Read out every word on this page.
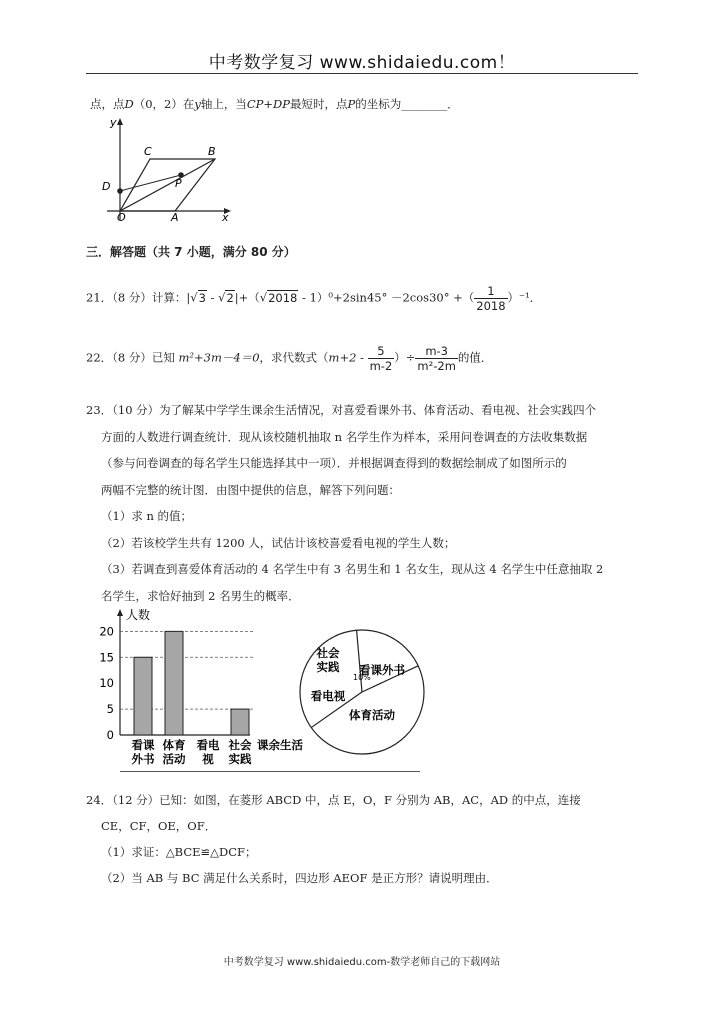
中考数学复习 www.shidaiedu.com！
点，点D（0，2）在y轴上，当CP+DP最短时，点P的坐标为________．
y
x
C	B
P
D
O	A
三．解答题（共 7 小题，满分 80 分）
21．（8 分）计算：|√3 - √2|+（√2018 - 1）⁰+2sin45° －2cos30° +（ $\frac{1}{2018} )^{-1}$．
22．（8 分）已知 m²+3m－4＝0，求代数式（$m+2 - \frac{5}{m-2}$ ）÷ $\frac{m-3}{\text{m²-2m}}$ 的值．
23．（10 分）为了解某中学学生课余生活情况，对喜爱看课外书、体育活动、看电视、社会实践四个
方面的人数进行调查统计．现从该校随机抽取 n 名学生作为样本，采用问卷调查的方法收集数据
（参与问卷调查的每名学生只能选择其中一项）．并根据调查得到的数据绘制成了如图所示的
两幅不完整的统计图．由图中提供的信息，解答下列问题：
（1）求 n 的值；
（2）若该校学生共有 1200 人，试估计该校喜爱看电视的学生人数；
（3）若调查到喜爱体育活动的 4 名学生中有 3 名男生和 1 名女生，现从这 4 名学生中任意抽取 2
名学生，求恰好抽到 2 名男生的概率．
人数
0
5
10
15
20
看课
外书
体育
活动
看电
视
社会
实践
课余生活
社会
实践 看课外书
体育活动
看电视
10%
24．（12 分）已知：如图，在菱形 ABCD 中，点 E，O，F 分别为 AB，AC，AD 的中点，连接
CE，CF，OE，OF．
（1）求证：△BCE≌△DCF；
（2）当 AB 与 BC 满足什么关系时，四边形 AEOF 是正方形？请说明理由．
中考数学复习 www.shidaiedu.com-数学老师自己的下载网站
